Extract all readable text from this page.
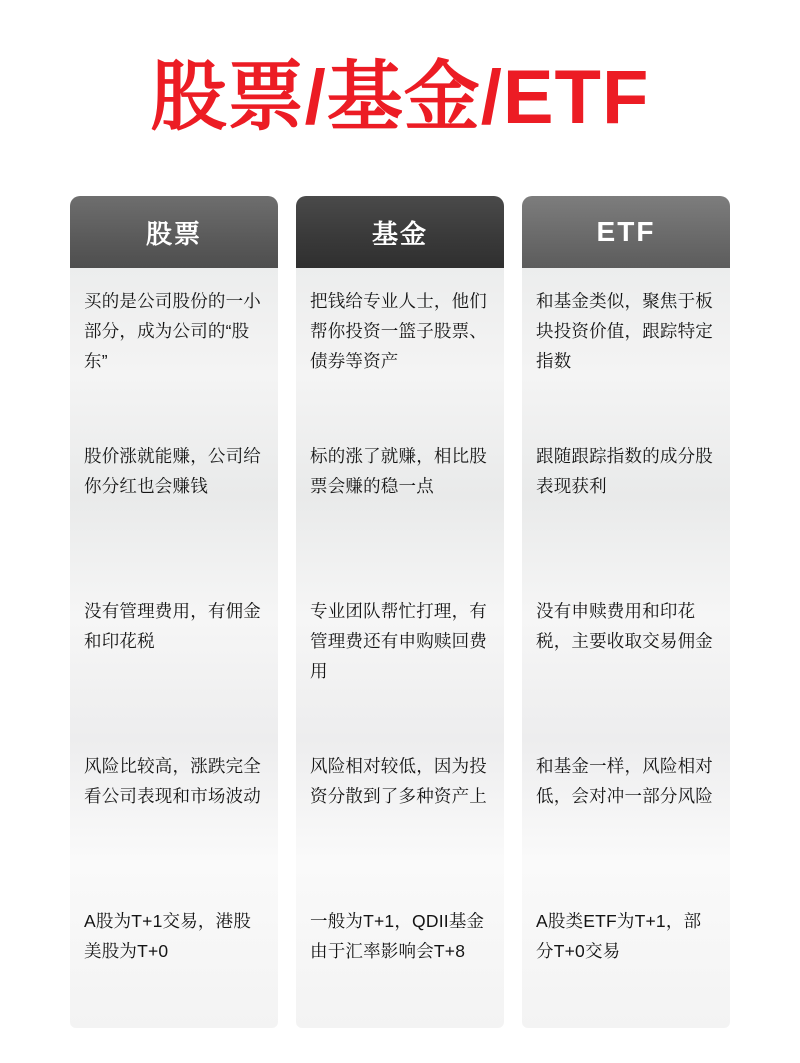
股票/基金/ETF
股票
买的是公司股份的一小部分，成为公司的“股东”
股价涨就能赚，公司给你分红也会赚钱
没有管理费用，有佣金和印花税
风险比较高，涨跌完全看公司表现和市场波动
A股为T+1交易，港股美股为T+0
基金
把钱给专业人士，他们帮你投资一篮子股票、债券等资产
标的涨了就赚，相比股票会赚的稳一点
专业团队帮忙打理，有管理费还有申购赎回费用
风险相对较低，因为投资分散到了多种资产上
一般为T+1，QDII基金由于汇率影响会T+8
ETF
和基金类似，聚焦于板块投资价值，跟踪特定指数
跟随跟踪指数的成分股表现获利
没有申赎费用和印花税，主要收取交易佣金
和基金一样，风险相对低，会对冲一部分风险
A股类ETF为T+1，部分T+0交易
